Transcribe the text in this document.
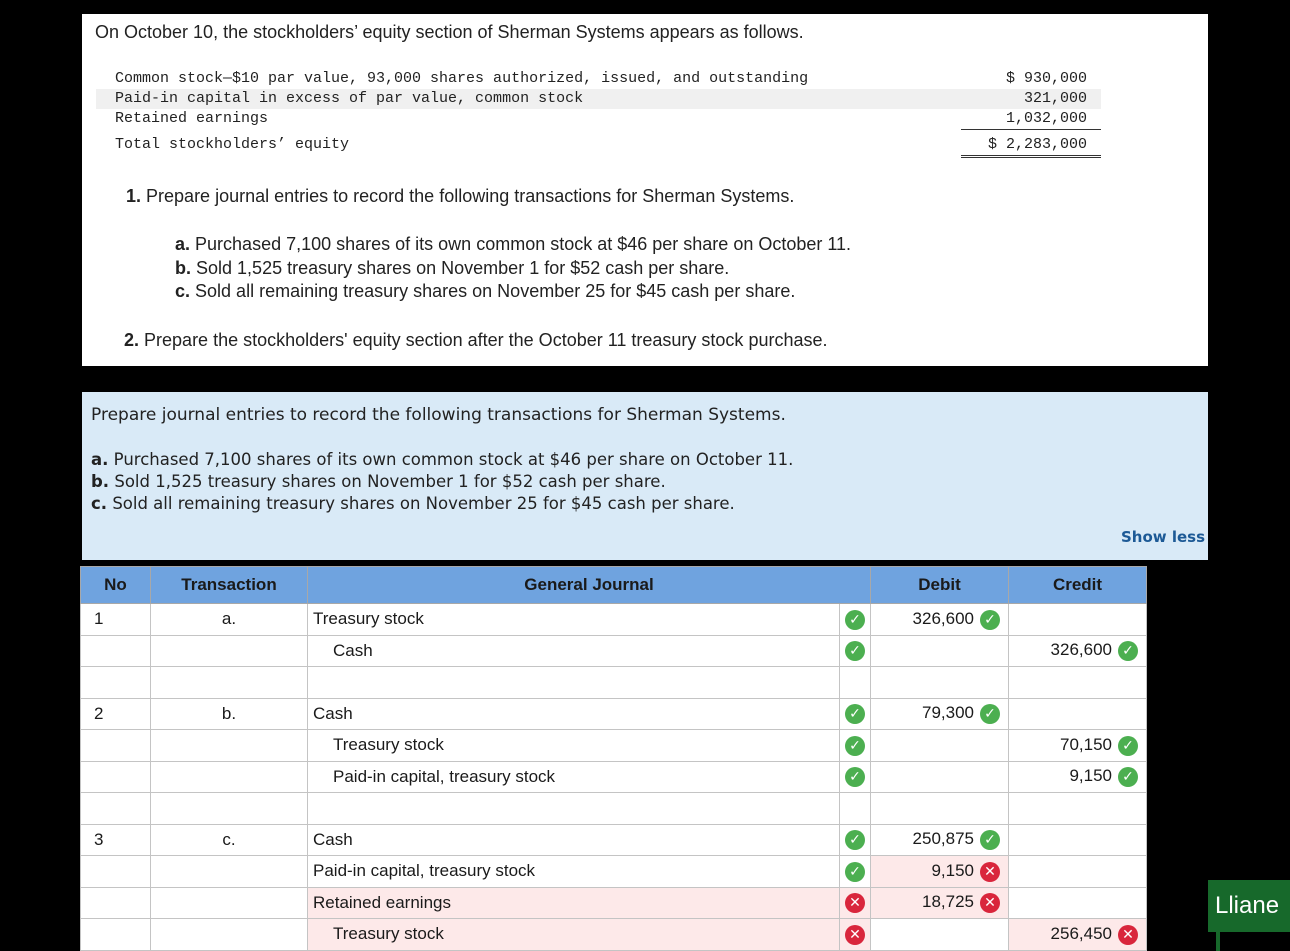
On October 10, the stockholders’ equity section of Sherman Systems appears as follows.
Common stock—$10 par value, 93,000 shares authorized, issued, and outstanding	$ 930,000
Paid-in capital in excess of par value, common stock	321,000
Retained earnings	1,032,000
Total stockholders’ equity	$ 2,283,000
1. Prepare journal entries to record the following transactions for Sherman Systems.
a. Purchased 7,100 shares of its own common stock at $46 per share on October 11.
b. Sold 1,525 treasury shares on November 1 for $52 cash per share.
c. Sold all remaining treasury shares on November 25 for $45 cash per share.
2. Prepare the stockholders' equity section after the October 11 treasury stock purchase.
Prepare journal entries to record the following transactions for Sherman Systems.
a. Purchased 7,100 shares of its own common stock at $46 per share on October 11.
b. Sold 1,525 treasury shares on November 1 for $52 cash per share.
c. Sold all remaining treasury shares on November 25 for $45 cash per share.
Show less
No	Transaction	General Journal		Debit	Credit
1	a.	Treasury stock	✓	326,600 ✓	
		Cash	✓		326,600 ✓

2	b.	Cash	✓	79,300 ✓	
		Treasury stock	✓		70,150 ✓
		Paid-in capital, treasury stock	✓		9,150 ✓

3	c.	Cash	✓	250,875 ✓	
		Paid-in capital, treasury stock	✓	9,150 ✕	
		Retained earnings	✕	18,725 ✕	
		Treasury stock	✕		256,450 ✕
Lliane
